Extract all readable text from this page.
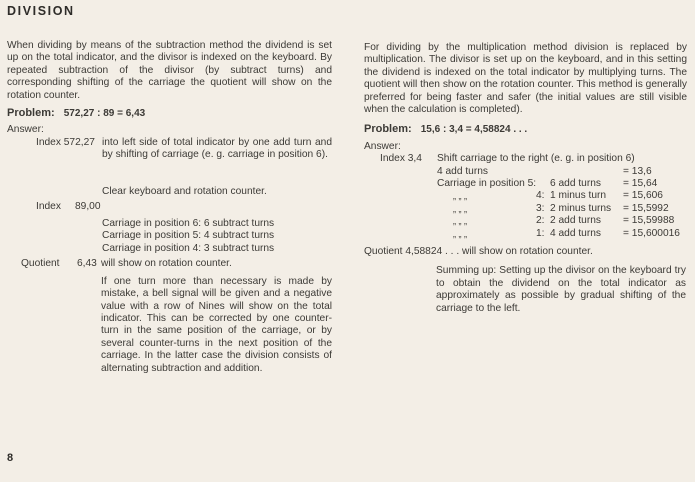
DIVISION

When dividing by means of the subtraction method the dividend is set up on the total indicator, and the divisor is indexed on the keyboard. By repeated subtraction of the divisor (by subtract turns) and corresponding shifting of the carriage the quotient will show on the rotation counter.

Problem: 572,27 : 89 = 6,43
Answer:
Index 572,27 into left side of total indicator by one add turn and by shifting of carriage (e. g. carriage in position 6).
Clear keyboard and rotation counter.
Index 89,00
Carriage in position 6: 6 subtract turns
Carriage in position 5: 4 subtract turns
Carriage in position 4: 3 subtract turns
Quotient 6,43 will show on rotation counter.
If one turn more than necessary is made by mistake, a bell signal will be given and a negative value with a row of Nines will show on the total indicator. This can be corrected by one counter-turn in the same position of the carriage, or by several counter-turns in the next position of the carriage. In the latter case the division consists of alternating subtraction and addition.

For dividing by the multiplication method division is replaced by multiplication. The divisor is set up on the keyboard, and in this setting the dividend is indexed on the total indicator by multiplying turns. The quotient will then show on the rotation counter. This method is generally preferred for being faster and safer (the initial values are still visible when the calculation is completed).

Problem: 15,6 : 3,4 = 4,58824 . . .
Answer:
Index 3,4 Shift carriage to the right (e. g. in position 6)
4 add turns	= 13,6
Carriage in position 5: 6 add turns = 15,64
„ „ „	4: 1 minus turn = 15,606
„ „ „	3: 2 minus turns = 15,5992
„ „ „	2: 2 add turns = 15,59988
„ „ „	1: 4 add turns = 15,600016
Quotient 4,58824 . . . will show on rotation counter.
Summing up: Setting up the divisor on the keyboard try to obtain the dividend on the total indicator as approximately as possible by gradual shifting of the carriage to the left.
8
